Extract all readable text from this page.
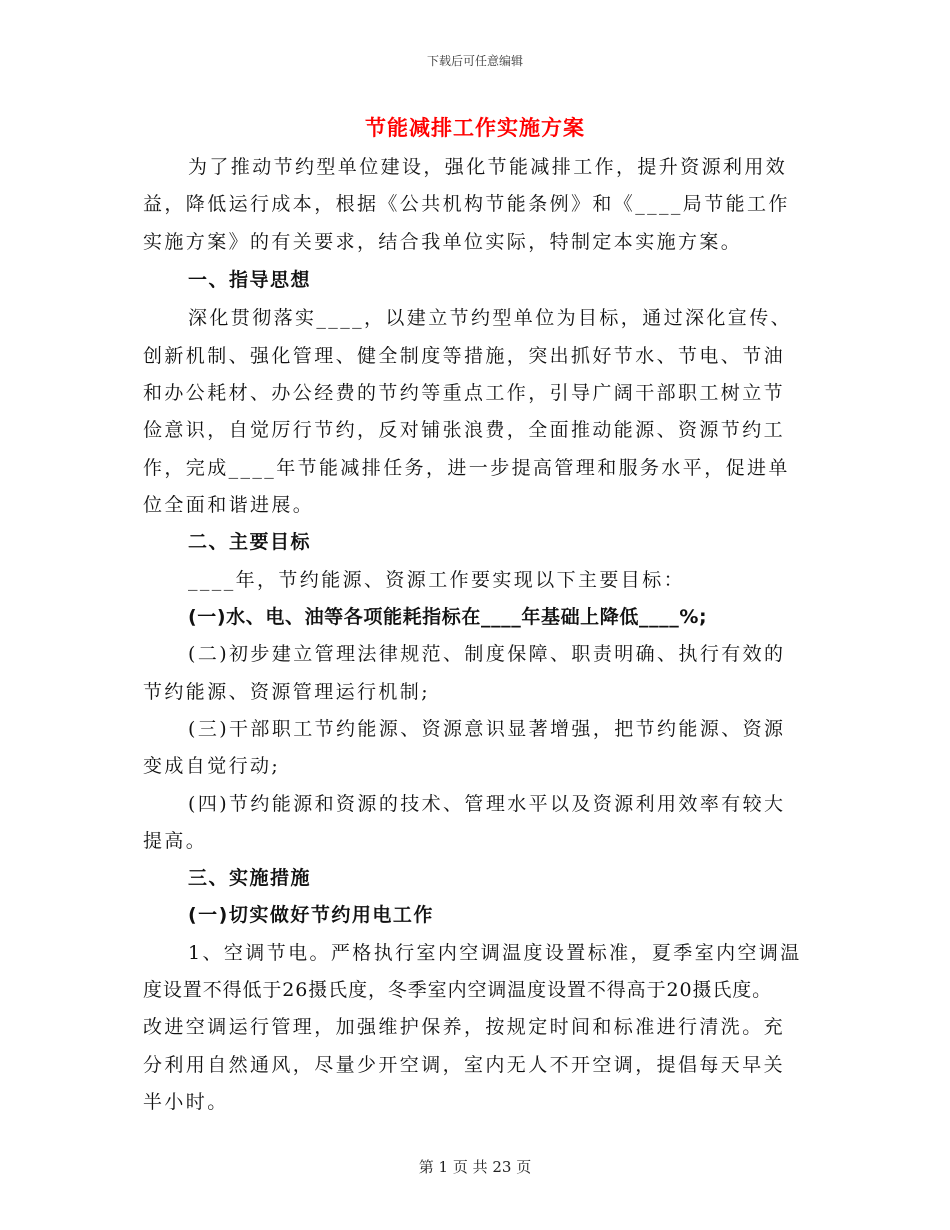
下载后可任意编辑
节能减排工作实施方案
为了推动节约型单位建设，强化节能减排工作，提升资源利用效
益，降低运行成本，根据《公共机构节能条例》和《____局节能工作
实施方案》的有关要求，结合我单位实际，特制定本实施方案。
一、指导思想
深化贯彻落实____，以建立节约型单位为目标，通过深化宣传、
创新机制、强化管理、健全制度等措施，突出抓好节水、节电、节油
和办公耗材、办公经费的节约等重点工作，引导广阔干部职工树立节
俭意识，自觉厉行节约，反对铺张浪费，全面推动能源、资源节约工
作，完成____年节能减排任务，进一步提高管理和服务水平，促进单
位全面和谐进展。
二、主要目标
____年，节约能源、资源工作要实现以下主要目标：
(一)水、电、油等各项能耗指标在____年基础上降低____%;
(二)初步建立管理法律规范、制度保障、职责明确、执行有效的
节约能源、资源管理运行机制;
(三)干部职工节约能源、资源意识显著增强，把节约能源、资源
变成自觉行动;
(四)节约能源和资源的技术、管理水平以及资源利用效率有较大
提高。
三、实施措施
(一)切实做好节约用电工作
1、空调节电。严格执行室内空调温度设置标准，夏季室内空调温
度设置不得低于26摄氏度，冬季室内空调温度设置不得高于20摄氏度。
改进空调运行管理，加强维护保养，按规定时间和标准进行清洗。充
分利用自然通风，尽量少开空调，室内无人不开空调，提倡每天早关
半小时。
第 1 页 共 23 页
